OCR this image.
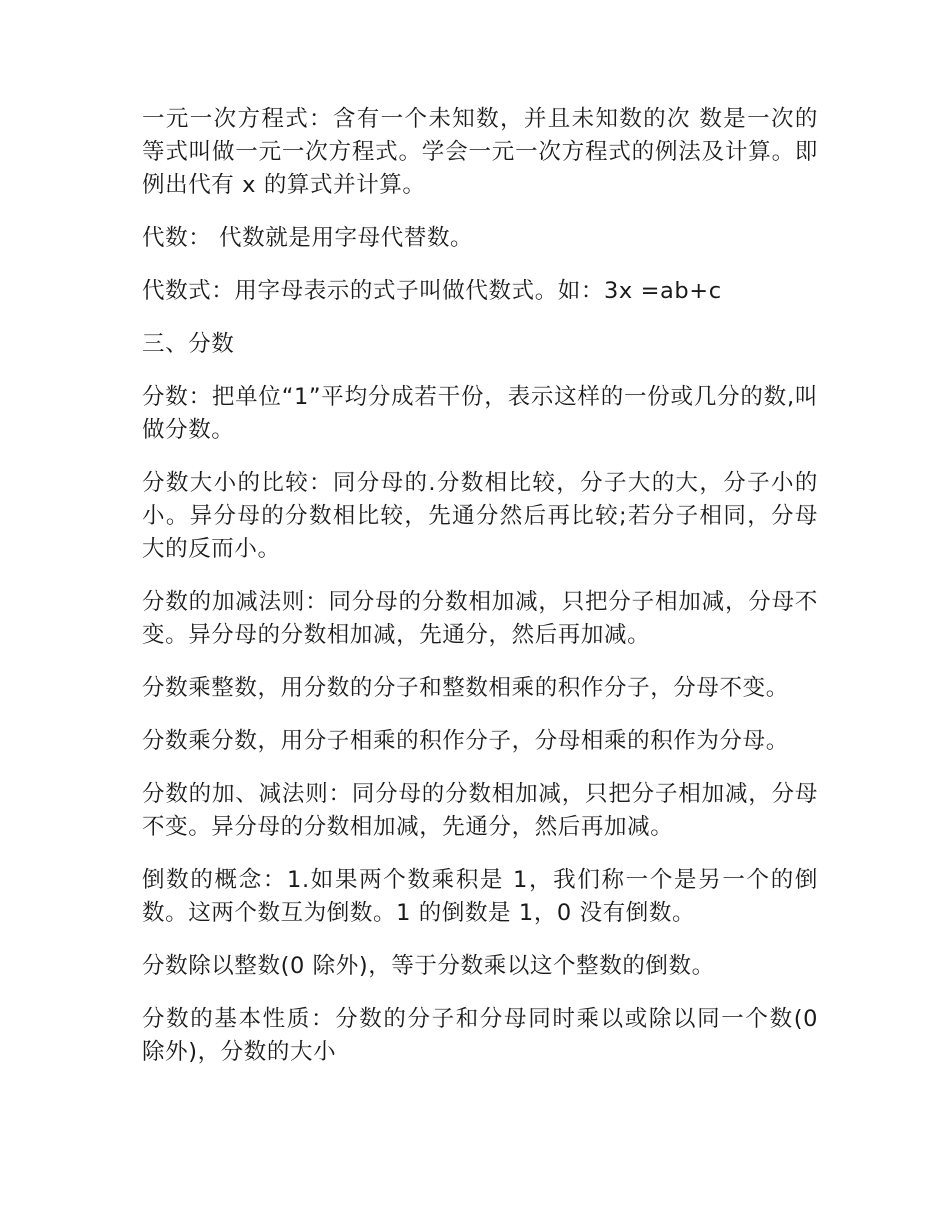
一元一次方程式：含有一个未知数，并且未知数的次 数是一次的等式叫做一元一次方程式。学会一元一次方程式的例法及计算。即例出代有 x 的算式并计算。

代数： 代数就是用字母代替数。

代数式：用字母表示的式子叫做代数式。如：3x =ab+c

三、分数

分数：把单位“1”平均分成若干份，表示这样的一份或几分的数,叫做分数。

分数大小的比较：同分母的.分数相比较，分子大的大，分子小的小。异分母的分数相比较，先通分然后再比较;若分子相同，分母大的反而小。

分数的加减法则：同分母的分数相加减，只把分子相加减，分母不变。异分母的分数相加减，先通分，然后再加减。

分数乘整数，用分数的分子和整数相乘的积作分子，分母不变。

分数乘分数，用分子相乘的积作分子，分母相乘的积作为分母。

分数的加、减法则：同分母的分数相加减，只把分子相加减，分母不变。异分母的分数相加减，先通分，然后再加减。

倒数的概念：1.如果两个数乘积是 1，我们称一个是另一个的倒数。这两个数互为倒数。1 的倒数是 1，0 没有倒数。

分数除以整数(0 除外)，等于分数乘以这个整数的倒数。

分数的基本性质：分数的分子和分母同时乘以或除以同一个数(0 除外)，分数的大小
